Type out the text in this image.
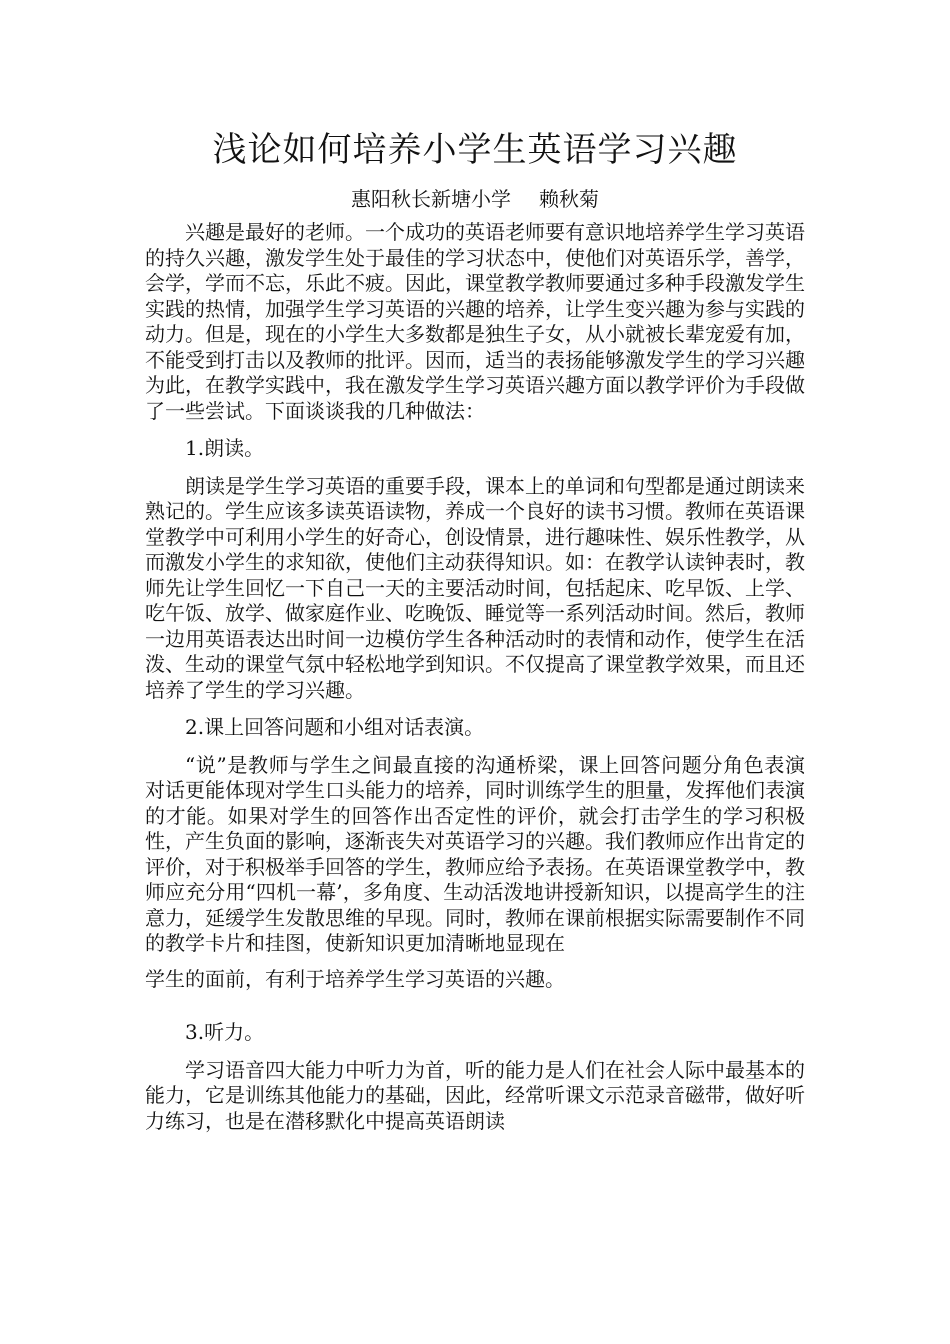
浅论如何培养小学生英语学习兴趣
惠阳秋长新塘小学 赖秋菊

兴趣是最好的老师。一个成功的英语老师要有意识地培养学生学习英语的持久兴趣，激发学生处于最佳的学习状态中，使他们对英语乐学，善学，会学，学而不忘，乐此不疲。因此，课堂教学教师要通过多种手段激发学生实践的热情，加强学生学习英语的兴趣的培养，让学生变兴趣为参与实践的动力。但是，现在的小学生大多数都是独生子女，从小就被长辈宠爱有加，不能受到打击以及教师的批评。因而，适当的表扬能够激发学生的学习兴趣为此，在教学实践中，我在激发学生学习英语兴趣方面以教学评价为手段做了一些尝试。下面谈谈我的几种做法：

1.朗读。

朗读是学生学习英语的重要手段，课本上的单词和句型都是通过朗读来熟记的。学生应该多读英语读物，养成一个良好的读书习惯。教师在英语课堂教学中可利用小学生的好奇心，创设情景，进行趣味性、娱乐性教学，从而激发小学生的求知欲，使他们主动获得知识。如：在教学认读钟表时，教师先让学生回忆一下自己一天的主要活动时间，包括起床、吃早饭、上学、吃午饭、放学、做家庭作业、吃晚饭、睡觉等一系列活动时间。然后，教师一边用英语表达出时间一边模仿学生各种活动时的表情和动作，使学生在活泼、生动的课堂气氛中轻松地学到知识。不仅提高了课堂教学效果，而且还培养了学生的学习兴趣。

2.课上回答问题和小组对话表演。

“说”是教师与学生之间最直接的沟通桥梁，课上回答问题分角色表演对话更能体现对学生口头能力的培养，同时训练学生的胆量，发挥他们表演的才能。如果对学生的回答作出否定性的评价，就会打击学生的学习积极性，产生负面的影响，逐渐丧失对英语学习的兴趣。我们教师应作出肯定的评价，对于积极举手回答的学生，教师应给予表扬。在英语课堂教学中，教师应充分用“四机一幕’，多角度、生动活泼地讲授新知识，以提高学生的注意力，延缓学生发散思维的早现。同时，教师在课前根据实际需要制作不同的教学卡片和挂图，使新知识更加清晰地显现在

学生的面前，有利于培养学生学习英语的兴趣。

3.听力。

学习语音四大能力中听力为首，听的能力是人们在社会人际中最基本的能力，它是训练其他能力的基础，因此，经常听课文示范录音磁带，做好听力练习，也是在潜移默化中提高英语朗读
